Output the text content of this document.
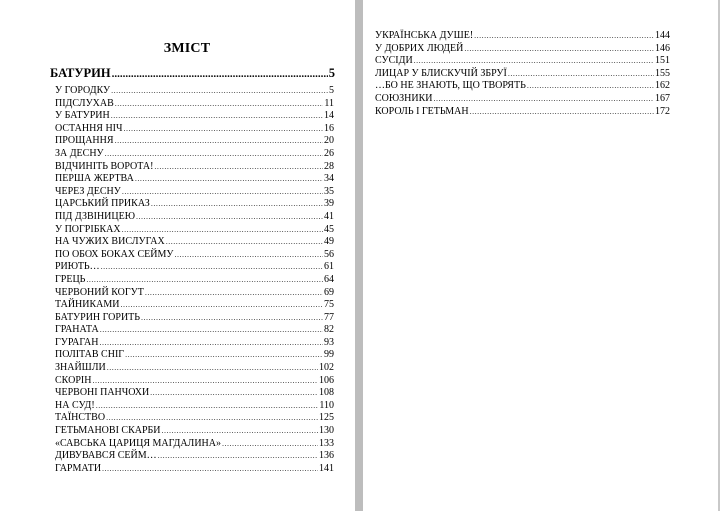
ЗМІСТ
БАТУРИН .....	5
У ГОРОДКУ .....	5
ПІДСЛУХАВ .....	11
У БАТУРИН .....	14
ОСТАННЯ НІЧ .....	16
ПРОЩАННЯ .....	20
ЗА ДЕСНУ .....	26
ВІДЧИНІТЬ ВОРОТА! .....	28
ПЕРША ЖЕРТВА .....	34
ЧЕРЕЗ ДЕСНУ .....	35
ЦАРСЬКИЙ ПРИКАЗ .....	39
ПІД ДЗВІНИЦЕЮ .....	41
У ПОГРІБКАХ .....	45
НА ЧУЖИХ ВИСЛУГАХ .....	49
ПО ОБОХ БОКАХ СЕЙМУ .....	56
РИЮТЬ… .....	61
ГРЕЦЬ .....	64
ЧЕРВОНИЙ КОГУТ .....	69
ТАЙНИКАМИ .....	75
БАТУРИН ГОРИТЬ .....	77
ГРАНАТА .....	82
ГУРАГАН .....	93
ПОЛІТАВ СНІГ .....	99
ЗНАЙШЛИ .....	102
СКОРІН .....	106
ЧЕРВОНІ ПАНЧОХИ .....	108
НА СУД! .....	110
ТАЇНСТВО .....	125
ГЕТЬМАНОВІ СКАРБИ .....	130
«САВСЬКА ЦАРИЦЯ МАГДАЛИНА» .....	133
ДИВУВАВСЯ СЕЙМ… .....	136
ГАРМАТИ .....	141
УКРАЇНСЬКА ДУШЕ! .....	144
У ДОБРИХ ЛЮДЕЙ .....	146
СУСІДИ .....	151
ЛИЦАР У БЛИСКУЧІЙ ЗБРУЇ .....	155
…БО НЕ ЗНАЮТЬ, ЩО ТВОРЯТЬ .....	162
СОЮЗНИКИ .....	167
КОРОЛЬ І ГЕТЬМАН .....	172
